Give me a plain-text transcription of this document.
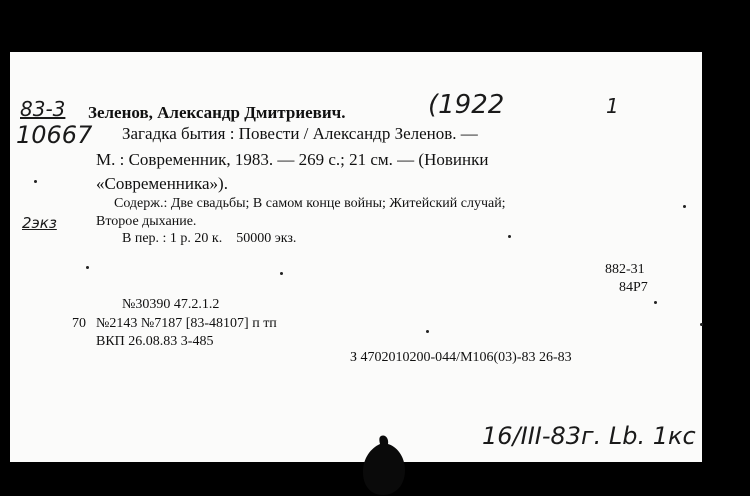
83-3
10667
(1922	1
2экз
16/III-83г. Lb. 1кс
Зеленов, Александр Дмитриевич.
Загадка бытия : Повести / Александр Зеленов. —
М. : Современник, 1983. — 269 с.; 21 см. — (Новинки
«Современника»).
Содерж.: Две свадьбы; В самом конце войны; Житейский случай;
Второе дыхание.
В пер. : 1 р. 20 к.    50000 экз.
882-31
84Р7
№30390 47.2.1.2
70 №2143 №7187 [83-48107] п тп
ВКП 26.08.83 3-485
З 4702010200-044/М106(03)-83 26-83
